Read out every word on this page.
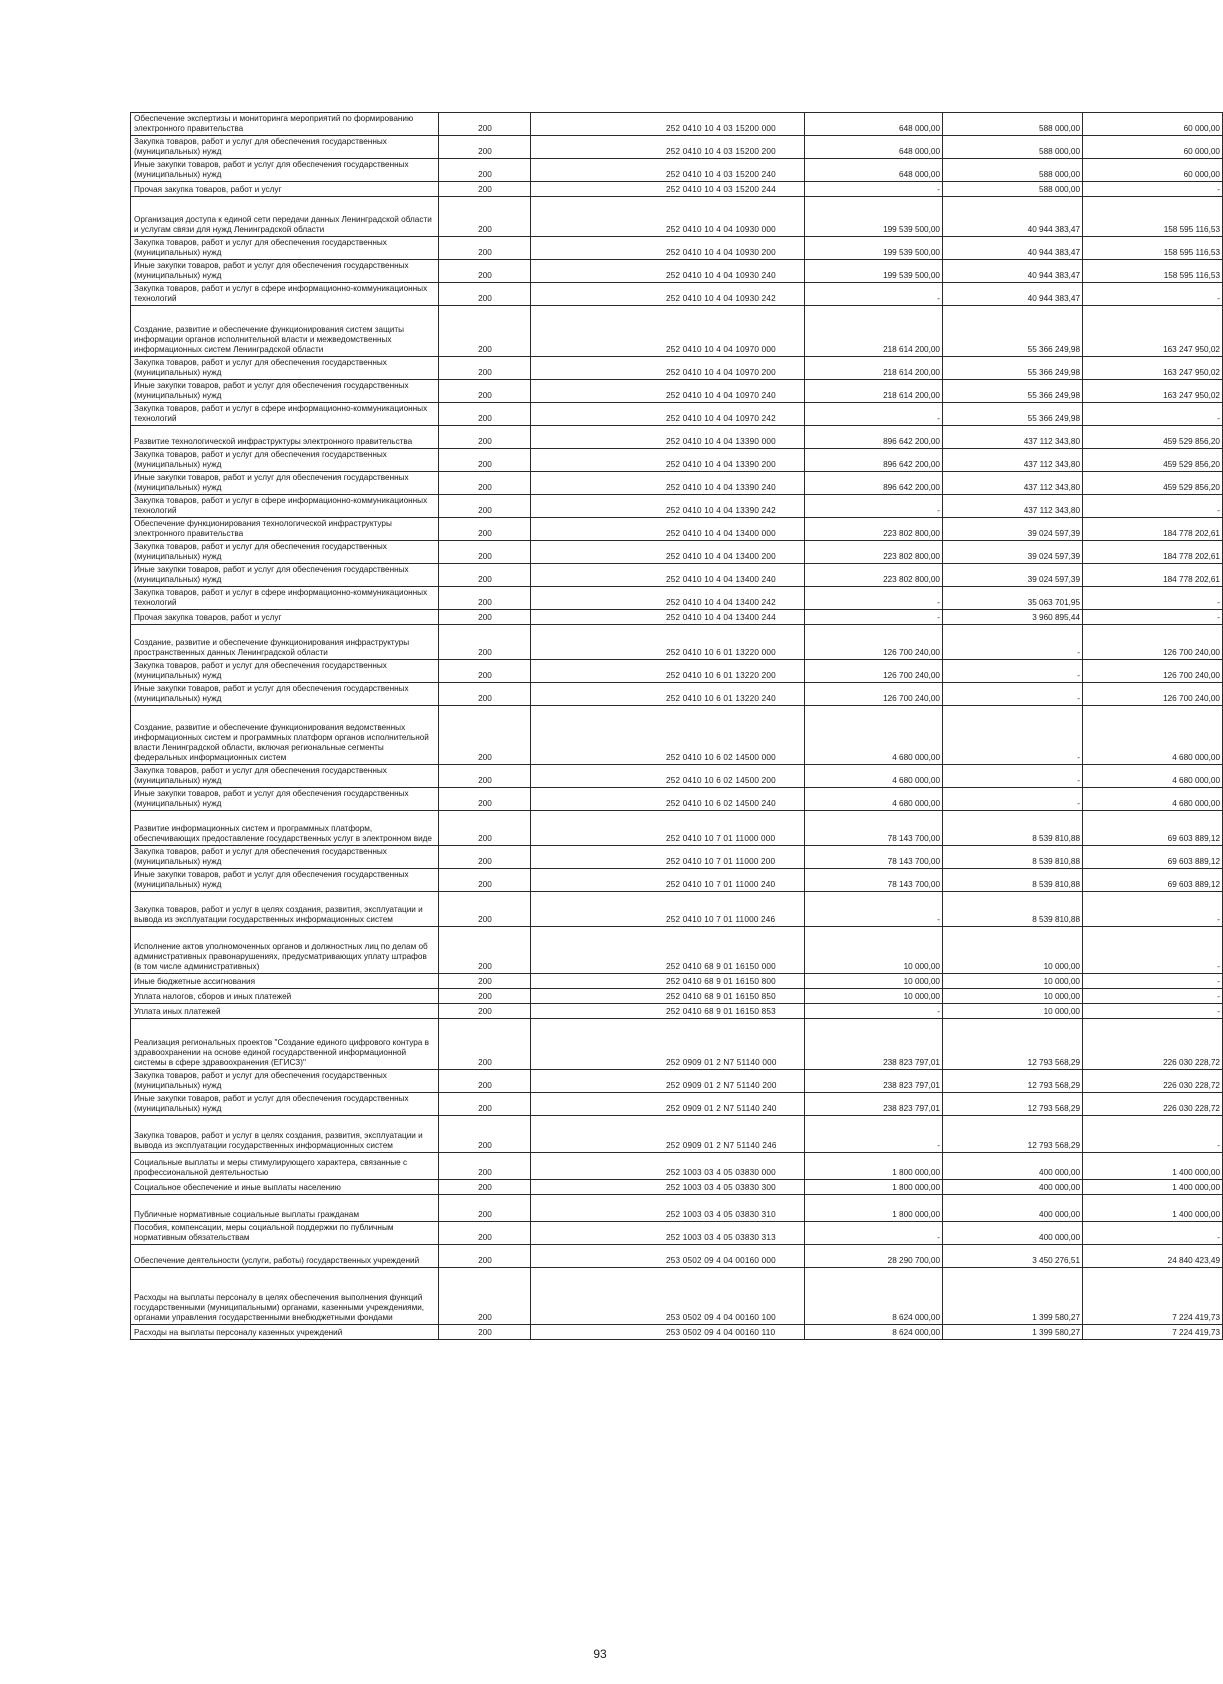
Обеспечение экспертизы и мониторинга мероприятий по формированию электронного правительства	200	252 0410 10 4 03 15200 000	648 000,00	588 000,00	60 000,00
Закупка товаров, работ и услуг для обеспечения государственных (муниципальных) нужд	200	252 0410 10 4 03 15200 200	648 000,00	588 000,00	60 000,00
Иные закупки товаров, работ и услуг для обеспечения государственных (муниципальных) нужд	200	252 0410 10 4 03 15200 240	648 000,00	588 000,00	60 000,00
Прочая закупка товаров, работ и услуг	200	252 0410 10 4 03 15200 244	-	588 000,00	-
Организация доступа к единой сети передачи данных Ленинградской области и услугам связи для нужд Ленинградской области	200	252 0410 10 4 04 10930 000	199 539 500,00	40 944 383,47	158 595 116,53
Закупка товаров, работ и услуг для обеспечения государственных (муниципальных) нужд	200	252 0410 10 4 04 10930 200	199 539 500,00	40 944 383,47	158 595 116,53
Иные закупки товаров, работ и услуг для обеспечения государственных (муниципальных) нужд	200	252 0410 10 4 04 10930 240	199 539 500,00	40 944 383,47	158 595 116,53
Закупка товаров, работ и услуг в сфере информационно-коммуникационных технологий	200	252 0410 10 4 04 10930 242	-	40 944 383,47	-
Создание, развитие и обеспечение функционирования систем защиты информации органов исполнительной власти и межведомственных информационных систем Ленинградской области	200	252 0410 10 4 04 10970 000	218 614 200,00	55 366 249,98	163 247 950,02
Закупка товаров, работ и услуг для обеспечения государственных (муниципальных) нужд	200	252 0410 10 4 04 10970 200	218 614 200,00	55 366 249,98	163 247 950,02
Иные закупки товаров, работ и услуг для обеспечения государственных (муниципальных) нужд	200	252 0410 10 4 04 10970 240	218 614 200,00	55 366 249,98	163 247 950,02
Закупка товаров, работ и услуг в сфере информационно-коммуникационных технологий	200	252 0410 10 4 04 10970 242	-	55 366 249,98	-
Развитие технологической инфраструктуры электронного правительства	200	252 0410 10 4 04 13390 000	896 642 200,00	437 112 343,80	459 529 856,20
Закупка товаров, работ и услуг для обеспечения государственных (муниципальных) нужд	200	252 0410 10 4 04 13390 200	896 642 200,00	437 112 343,80	459 529 856,20
Иные закупки товаров, работ и услуг для обеспечения государственных (муниципальных) нужд	200	252 0410 10 4 04 13390 240	896 642 200,00	437 112 343,80	459 529 856,20
Закупка товаров, работ и услуг в сфере информационно-коммуникационных технологий	200	252 0410 10 4 04 13390 242	-	437 112 343,80	-
Обеспечение функционирования технологической инфраструктуры электронного правительства	200	252 0410 10 4 04 13400 000	223 802 800,00	39 024 597,39	184 778 202,61
Закупка товаров, работ и услуг для обеспечения государственных (муниципальных) нужд	200	252 0410 10 4 04 13400 200	223 802 800,00	39 024 597,39	184 778 202,61
Иные закупки товаров, работ и услуг для обеспечения государственных (муниципальных) нужд	200	252 0410 10 4 04 13400 240	223 802 800,00	39 024 597,39	184 778 202,61
Закупка товаров, работ и услуг в сфере информационно-коммуникационных технологий	200	252 0410 10 4 04 13400 242	-	35 063 701,95	-
Прочая закупка товаров, работ и услуг	200	252 0410 10 4 04 13400 244	-	3 960 895,44	-
Создание, развитие и обеспечение функционирования инфраструктуры пространственных данных Ленинградской области	200	252 0410 10 6 01 13220 000	126 700 240,00	-	126 700 240,00
Закупка товаров, работ и услуг для обеспечения государственных (муниципальных) нужд	200	252 0410 10 6 01 13220 200	126 700 240,00	-	126 700 240,00
Иные закупки товаров, работ и услуг для обеспечения государственных (муниципальных) нужд	200	252 0410 10 6 01 13220 240	126 700 240,00	-	126 700 240,00
Создание, развитие и обеспечение функционирования ведомственных информационных систем и программных платформ органов исполнительной власти Ленинградской области, включая региональные сегменты федеральных информационных систем	200	252 0410 10 6 02 14500 000	4 680 000,00	-	4 680 000,00
Закупка товаров, работ и услуг для обеспечения государственных (муниципальных) нужд	200	252 0410 10 6 02 14500 200	4 680 000,00	-	4 680 000,00
Иные закупки товаров, работ и услуг для обеспечения государственных (муниципальных) нужд	200	252 0410 10 6 02 14500 240	4 680 000,00	-	4 680 000,00
Развитие информационных систем и программных платформ, обеспечивающих предоставление государственных услуг в электронном виде	200	252 0410 10 7 01 11000 000	78 143 700,00	8 539 810,88	69 603 889,12
Закупка товаров, работ и услуг для обеспечения государственных (муниципальных) нужд	200	252 0410 10 7 01 11000 200	78 143 700,00	8 539 810,88	69 603 889,12
Иные закупки товаров, работ и услуг для обеспечения государственных (муниципальных) нужд	200	252 0410 10 7 01 11000 240	78 143 700,00	8 539 810,88	69 603 889,12
Закупка товаров, работ и услуг в целях создания, развития, эксплуатации и вывода из эксплуатации государственных информационных систем	200	252 0410 10 7 01 11000 246	-	8 539 810,88	-
Исполнение актов уполномоченных органов и должностных лиц по делам об административных правонарушениях, предусматривающих уплату штрафов (в том числе административных)	200	252 0410 68 9 01 16150 000	10 000,00	10 000,00	-
Иные бюджетные ассигнования	200	252 0410 68 9 01 16150 800	10 000,00	10 000,00	-
Уплата налогов, сборов и иных платежей	200	252 0410 68 9 01 16150 850	10 000,00	10 000,00	-
Уплата иных платежей	200	252 0410 68 9 01 16150 853	-	10 000,00	-
Реализация региональных проектов "Создание единого цифрового контура в здравоохранении на основе единой государственной информационной системы в сфере здравоохранения (ЕГИСЗ)"	200	252 0909 01 2 N7 51140 000	238 823 797,01	12 793 568,29	226 030 228,72
Закупка товаров, работ и услуг для обеспечения государственных (муниципальных) нужд	200	252 0909 01 2 N7 51140 200	238 823 797,01	12 793 568,29	226 030 228,72
Иные закупки товаров, работ и услуг для обеспечения государственных (муниципальных) нужд	200	252 0909 01 2 N7 51140 240	238 823 797,01	12 793 568,29	226 030 228,72
Закупка товаров, работ и услуг в целях создания, развития, эксплуатации и вывода из эксплуатации государственных информационных систем	200	252 0909 01 2 N7 51140 246	-	12 793 568,29	-
Социальные выплаты и меры стимулирующего характера, связанные с профессиональной деятельностью	200	252 1003 03 4 05 03830 000	1 800 000,00	400 000,00	1 400 000,00
Социальное обеспечение и иные выплаты населению	200	252 1003 03 4 05 03830 300	1 800 000,00	400 000,00	1 400 000,00
Публичные нормативные социальные выплаты гражданам	200	252 1003 03 4 05 03830 310	1 800 000,00	400 000,00	1 400 000,00
Пособия, компенсации, меры социальной поддержки по публичным нормативным обязательствам	200	252 1003 03 4 05 03830 313	-	400 000,00	-
Обеспечение деятельности (услуги, работы) государственных учреждений	200	253 0502 09 4 04 00160 000	28 290 700,00	3 450 276,51	24 840 423,49
Расходы на выплаты персоналу в целях обеспечения выполнения функций государственными (муниципальными) органами, казенными учреждениями, органами управления государственными внебюджетными фондами	200	253 0502 09 4 04 00160 100	8 624 000,00	1 399 580,27	7 224 419,73
Расходы на выплаты персоналу казенных учреждений	200	253 0502 09 4 04 00160 110	8 624 000,00	1 399 580,27	7 224 419,73
93
